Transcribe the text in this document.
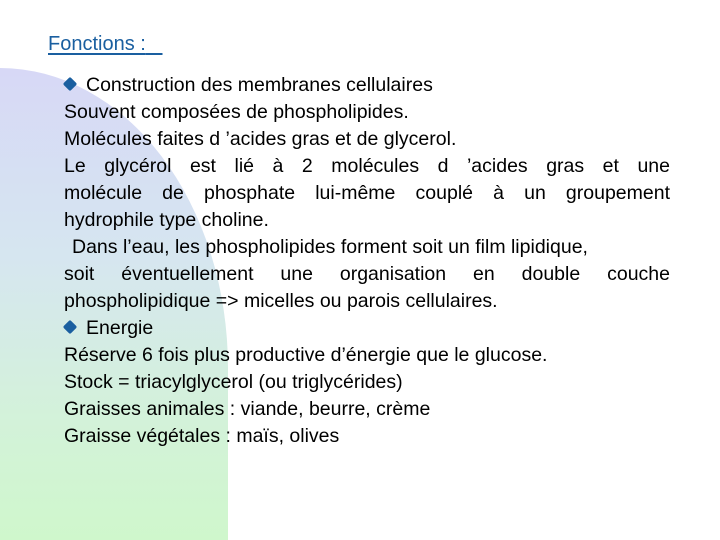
Fonctions :
Construction des membranes cellulaires
Souvent composées de phospholipides.
Molécules faites d ’acides gras et de glycerol.
Le glycérol est lié à 2 molécules d ’acides gras et une
molécule de phosphate lui-même couplé à un groupement
hydrophile type choline.
Dans l’eau, les phospholipides forment soit un film lipidique,
soit éventuellement une organisation en double couche
phospholipidique => micelles ou parois cellulaires.
Energie
Réserve 6 fois plus productive d’énergie que le glucose.
Stock = triacylglycerol (ou triglycérides)
Graisses animales : viande, beurre, crème
Graisse végétales : maïs, olives
